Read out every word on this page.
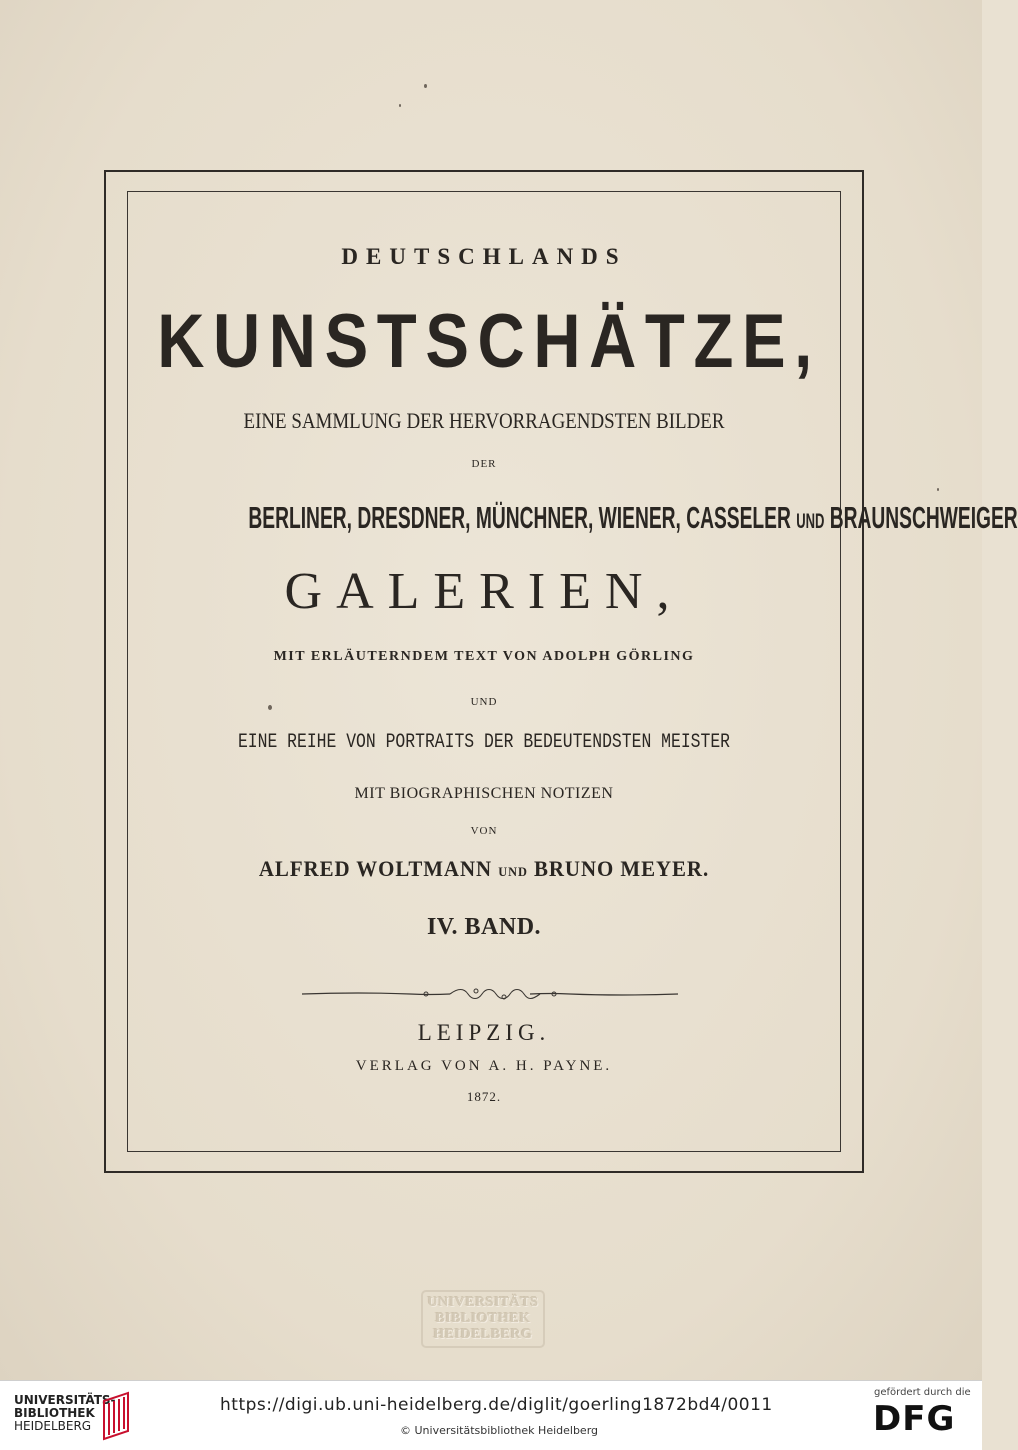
DEUTSCHLANDS
KUNSTSCHÄTZE,
EINE SAMMLUNG DER HERVORRAGENDSTEN BILDER
DER
BERLINER, DRESDNER, MÜNCHNER, WIENER, CASSELER UND BRAUNSCHWEIGER
GALERIEN,
MIT ERLÄUTERNDEM TEXT VON ADOLPH GÖRLING
UND
EINE REIHE VON PORTRAITS DER BEDEUTENDSTEN MEISTER
MIT BIOGRAPHISCHEN NOTIZEN
VON
ALFRED WOLTMANN UND BRUNO MEYER.
IV. BAND.
LEIPZIG.
VERLAG VON A. H. PAYNE.
1872.
UNIVERSITÄTS
BIBLIOTHEK
HEIDELBERG
UNIVERSITÄTS-
BIBLIOTHEK
HEIDELBERG
https://digi.ub.uni-heidelberg.de/diglit/goerling1872bd4/0011
© Universitätsbibliothek Heidelberg
gefördert durch die
DFG
